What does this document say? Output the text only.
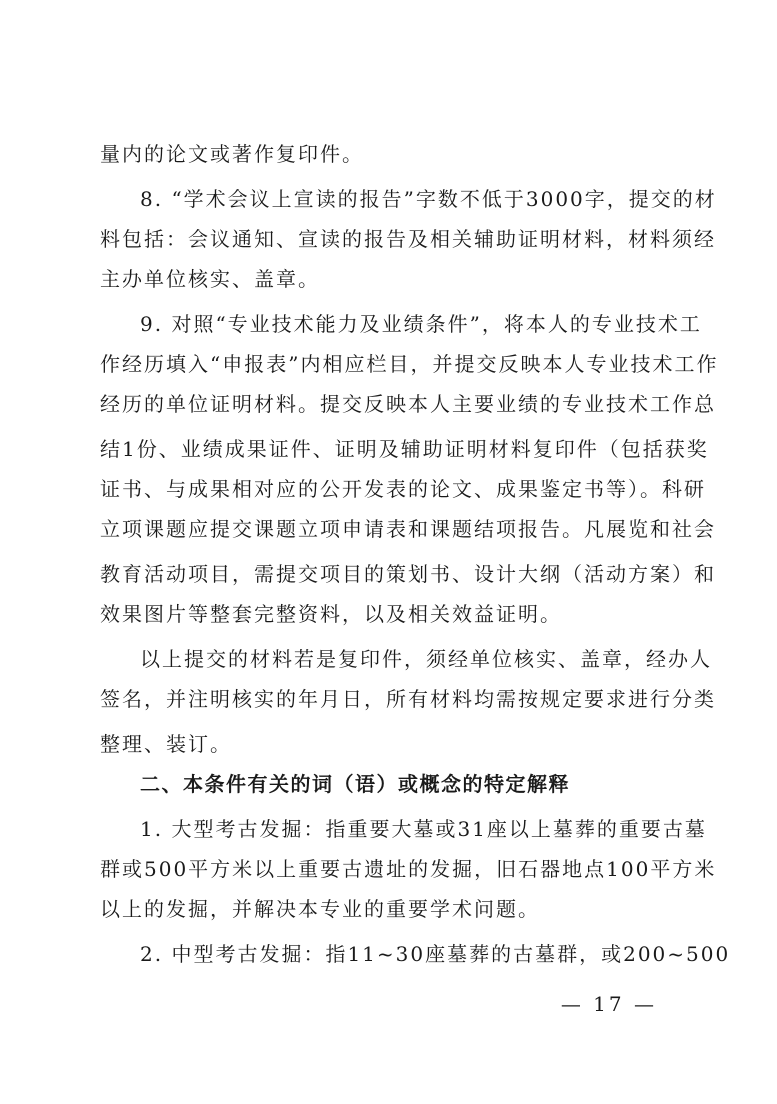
量内的论文或著作复印件。
8. “学术会议上宣读的报告”字数不低于3000字，提交的材
料包括：会议通知、宣读的报告及相关辅助证明材料，材料须经
主办单位核实、盖章。
9. 对照“专业技术能力及业绩条件”，将本人的专业技术工
作经历填入“申报表”内相应栏目，并提交反映本人专业技术工作
经历的单位证明材料。提交反映本人主要业绩的专业技术工作总
结1份、业绩成果证件、证明及辅助证明材料复印件（包括获奖
证书、与成果相对应的公开发表的论文、成果鉴定书等）。科研
立项课题应提交课题立项申请表和课题结项报告。凡展览和社会
教育活动项目，需提交项目的策划书、设计大纲（活动方案）和
效果图片等整套完整资料，以及相关效益证明。
以上提交的材料若是复印件，须经单位核实、盖章，经办人
签名，并注明核实的年月日，所有材料均需按规定要求进行分类
整理、装订。
二、本条件有关的词（语）或概念的特定解释
1. 大型考古发掘：指重要大墓或31座以上墓葬的重要古墓
群或500平方米以上重要古遗址的发掘，旧石器地点100平方米
以上的发掘，并解决本专业的重要学术问题。
2. 中型考古发掘：指11~30座墓葬的古墓群，或200~500
— 17 —
